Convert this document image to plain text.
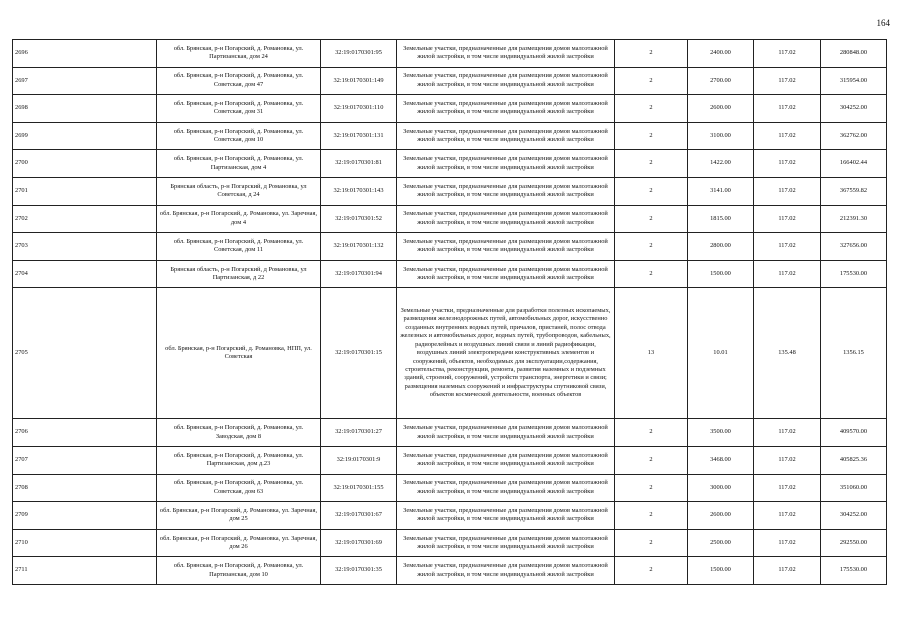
164
2696	обл. Брянская, р-н Погарский, д. Романовка, ул. Партизанская, дом 24	32:19:0170301:95	Земельные участки, предназначенные для размещения домов малоэтажной жилой застройки, в том числе индивидуальной жилой застройки	2	2400.00	117.02	280848.00
2697	обл. Брянская, р-н Погарский, д. Романовка, ул. Советская, дом 47	32:19:0170301:149	Земельные участки, предназначенные для размещения домов малоэтажной жилой застройки, в том числе индивидуальной жилой застройки	2	2700.00	117.02	315954.00
2698	обл. Брянская, р-н Погарский, д. Романовка, ул. Советская, дом 31	32:19:0170301:110	Земельные участки, предназначенные для размещения домов малоэтажной жилой застройки, в том числе индивидуальной жилой застройки	2	2600.00	117.02	304252.00
2699	обл. Брянская, р-н Погарский, д. Романовка, ул. Советская, дом 10	32:19:0170301:131	Земельные участки, предназначенные для размещения домов малоэтажной жилой застройки, в том числе индивидуальной жилой застройки	2	3100.00	117.02	362762.00
2700	обл. Брянская, р-н Погарский, д. Романовка, ул. Партизанская, дом 4	32:19:0170301:81	Земельные участки, предназначенные для размещения домов малоэтажной жилой застройки, в том числе индивидуальной жилой застройки	2	1422.00	117.02	166402.44
2701	Брянская область, р-н Погарский, д Романовка, ул Советская, д 24	32:19:0170301:143	Земельные участки, предназначенные для размещения домов малоэтажной жилой застройки, в том числе индивидуальной жилой застройки	2	3141.00	117.02	367559.82
2702	обл. Брянская, р-н Погарский, д. Романовка, ул. Заречная, дом 4	32:19:0170301:52	Земельные участки, предназначенные для размещения домов малоэтажной жилой застройки, в том числе индивидуальной жилой застройки	2	1815.00	117.02	212391.30
2703	обл. Брянская, р-н Погарский, д. Романовка, ул. Советская, дом 11	32:19:0170301:132	Земельные участки, предназначенные для размещения домов малоэтажной жилой застройки, в том числе индивидуальной жилой застройки	2	2800.00	117.02	327656.00
2704	Брянская область, р-н Погарский, д Романовка, ул Партизанская, д 22	32:19:0170301:94	Земельные участки, предназначенные для размещения домов малоэтажной жилой застройки, в том числе индивидуальной жилой застройки	2	1500.00	117.02	175530.00
2705	обл. Брянская, р-н Погарский, д. Романовка, НПП, ул. Советская	32:19:0170301:15	Земельные участки, предназначенные для разработки полезных ископаемых, размещения железнодорожных путей, автомобильных дорог, искусственно созданных внутренних водных путей, причалов, пристаней, полос отвода железных и автомобильных дорог, водных путей, трубопроводов, кабельных, радиорелейных и воздушных линий связи и линий радиофикации, воздушных линий электропередачи конструктивных элементов и сооружений, объектов, необходимых для эксплуатации,содержания, строительства, реконструкции, ремонта, развития наземных и подземных зданий, строений, сооружений, устройств транспорта, энергетики и связи; размещения наземных сооружений и инфраструктуры спутниковой связи, объектов космической деятельности, военных объектов	13	10.01	135.48	1356.15
2706	обл. Брянская, р-н Погарский, д. Романовка, ул. Заводская, дом 8	32:19:0170301:27	Земельные участки, предназначенные для размещения домов малоэтажной жилой застройки, в том числе индивидуальной жилой застройки	2	3500.00	117.02	409570.00
2707	обл. Брянская, р-н Погарский, д. Романовка, ул. Партизанская, дом д.23	32:19:0170301:9	Земельные участки, предназначенные для размещения домов малоэтажной жилой застройки, в том числе индивидуальной жилой застройки	2	3468.00	117.02	405825.36
2708	обл. Брянская, р-н Погарский, д. Романовка, ул. Советская, дом 63	32:19:0170301:155	Земельные участки, предназначенные для размещения домов малоэтажной жилой застройки, в том числе индивидуальной жилой застройки	2	3000.00	117.02	351060.00
2709	обл. Брянская, р-н Погарский, д. Романовка, ул. Заречная, дом 25	32:19:0170301:67	Земельные участки, предназначенные для размещения домов малоэтажной жилой застройки, в том числе индивидуальной жилой застройки	2	2600.00	117.02	304252.00
2710	обл. Брянская, р-н Погарский, д. Романовка, ул. Заречная, дом 26	32:19:0170301:69	Земельные участки, предназначенные для размещения домов малоэтажной жилой застройки, в том числе индивидуальной жилой застройки	2	2500.00	117.02	292550.00
2711	обл. Брянская, р-н Погарский, д. Романовка, ул. Партизанская, дом 10	32:19:0170301:35	Земельные участки, предназначенные для размещения домов малоэтажной жилой застройки, в том числе индивидуальной жилой застройки	2	1500.00	117.02	175530.00
